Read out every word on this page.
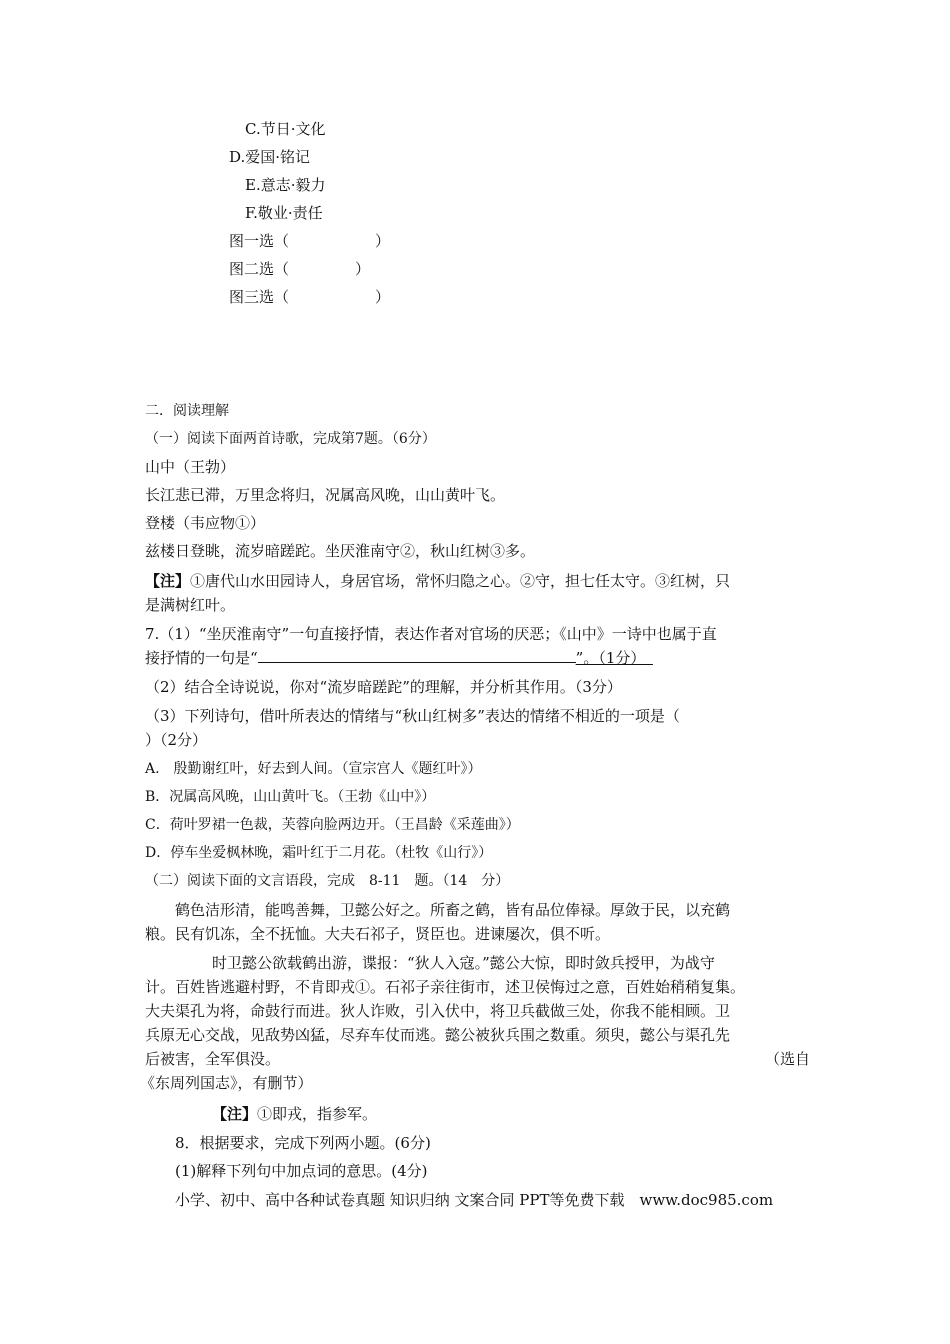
C.节日·文化
D.爱国·铭记
E.意志·毅力
F.敬业·责任
图一选（	）
图二选（	）
图三选（	）
二．阅读理解
（一）阅读下面两首诗歌，完成第7题。（6分）
山中（王勃）
长江悲已滞，万里念将归，况属高风晚，山山黄叶飞。
登楼（韦应物①）
兹楼日登眺，流岁暗蹉跎。坐厌淮南守②，秋山红树③多。
【注】①唐代山水田园诗人，身居官场，常怀归隐之心。②守，担七任太守。③红树，只
是满树红叶。
7.（1）“坐厌淮南守”一句直接抒情，表达作者对官场的厌恶；《山中》一诗中也属于直
接抒情的一句是“	”。（1分）　
（2）结合全诗说说，你对“流岁暗蹉跎”的理解，并分析其作用。（3分）
（3）下列诗句，借叶所表达的情绪与“秋山红树多”表达的情绪不相近的一项是（
）（2分）
A.　殷勤谢红叶，好去到人间。（宣宗宫人《题红叶》）
B．况属高风晚，山山黄叶飞。（王勃《山中》）
C．荷叶罗裙一色裁，芙蓉向脸两边开。（王昌龄《采莲曲》）
D．停车坐爱枫林晚，霜叶红于二月花。（杜牧《山行》）
（二）阅读下面的文言语段，完成　8-11　题。（14　分）
鹤色洁形清，能鸣善舞，卫懿公好之。所畜之鹤，皆有品位俸禄。厚敛于民，以充鹤
粮。民有饥冻，全不抚恤。大夫石祁子，贤臣也。进谏屡次，俱不听。
时卫懿公欲载鹤出游，谍报：“狄人入寇。”懿公大惊，即时敛兵授甲，为战守
计。百姓皆逃避村野，不肯即戎①。石祁子亲往街市，述卫侯悔过之意，百姓始稍稍复集。
大夫渠孔为将，命鼓行而进。狄人诈败，引入伏中，将卫兵截做三处，你我不能相顾。卫
兵原无心交战，见敌势凶猛，尽弃车仗而逃。懿公被狄兵围之数重。须臾，懿公与渠孔先
后被害，全军俱没。	（选自
《东周列国志》，有删节）
【注】①即戎，指参军。
8．根据要求，完成下列两小题。(6分)
(1)解释下列句中加点词的意思。(4分)
小学、初中、高中各种试卷真题 知识归纳 文案合同 PPT等免费下载　www.doc985.com
